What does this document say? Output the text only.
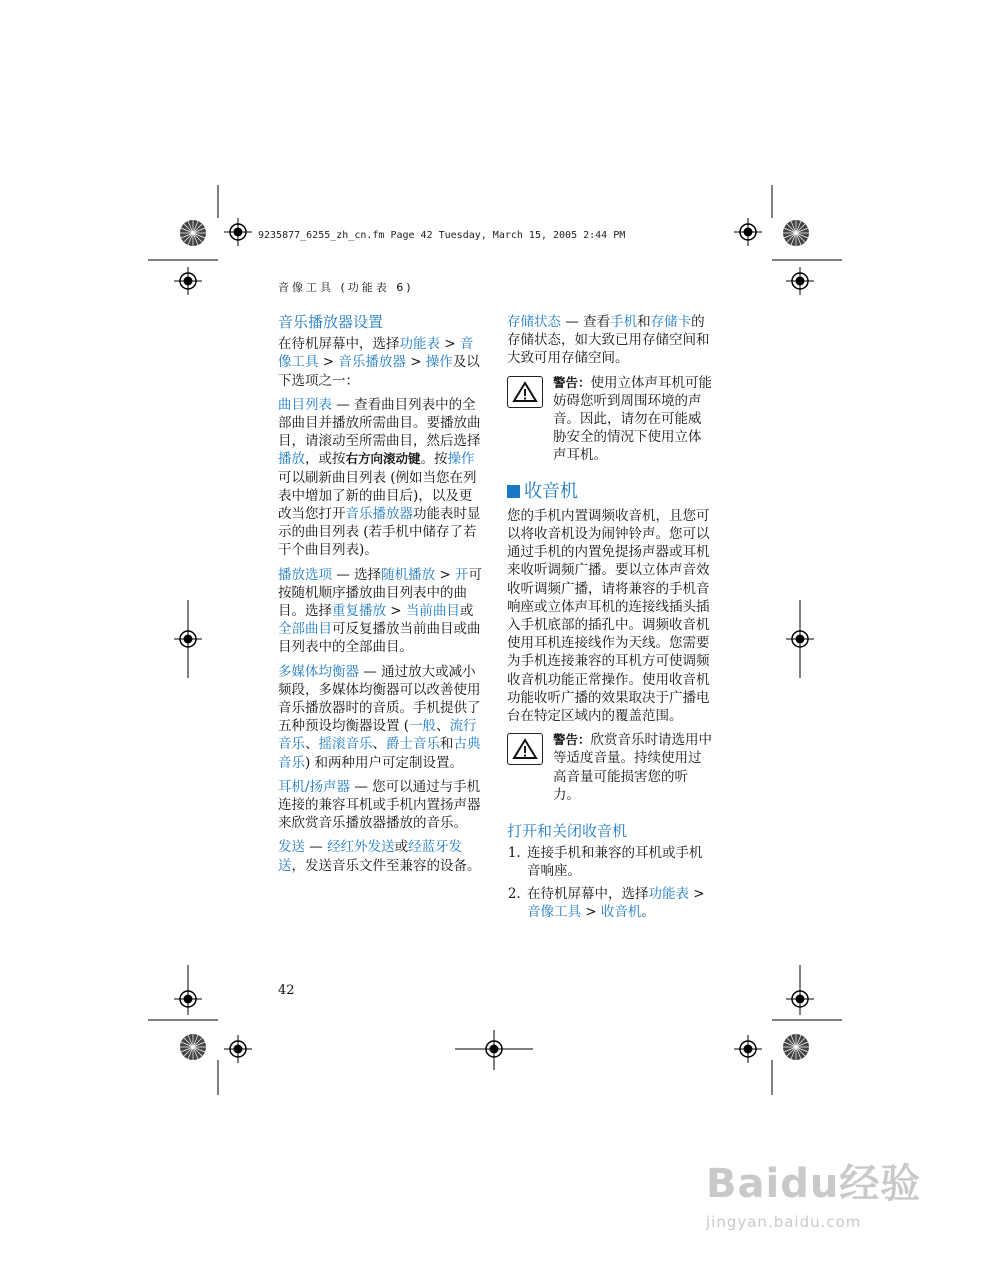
9235877_6255_zh_cn.fm Page 42 Tuesday, March 15, 2005 2:44 PM
音像工具 (功能表 6)
音乐播放器设置

在待机屏幕中，选择功能表 > 音像工具 > 音乐播放器 > 操作及以下选项之一：

曲目列表 — 查看曲目列表中的全部曲目并播放所需曲目。要播放曲目，请滚动至所需曲目，然后选择播放，或按右方向滚动键。按操作可以刷新曲目列表 (例如当您在列表中增加了新的曲目后)，以及更改当您打开音乐播放器功能表时显示的曲目列表 (若手机中储存了若干个曲目列表)。

播放选项 — 选择随机播放 > 开可按随机顺序播放曲目列表中的曲目。选择重复播放 > 当前曲目或全部曲目可反复播放当前曲目或曲目列表中的全部曲目。

多媒体均衡器 — 通过放大或减小频段，多媒体均衡器可以改善使用音乐播放器时的音质。手机提供了五种预设均衡器设置 (一般、流行音乐、摇滚音乐、爵士音乐和古典音乐) 和两种用户可定制设置。

耳机/扬声器 — 您可以通过与手机连接的兼容耳机或手机内置扬声器来欣赏音乐播放器播放的音乐。

发送 — 经红外发送或经蓝牙发送，发送音乐文件至兼容的设备。

存储状态 — 查看手机和存储卡的存储状态，如大致已用存储空间和大致可用存储空间。

警告：使用立体声耳机可能妨碍您听到周围环境的声音。因此，请勿在可能威胁安全的情况下使用立体声耳机。
收音机

您的手机内置调频收音机，且您可以将收音机设为闹钟铃声。您可以通过手机的内置免提扬声器或耳机来收听调频广播。要以立体声音效收听调频广播，请将兼容的手机音响座或立体声耳机的连接线插头插入手机底部的插孔中。调频收音机使用耳机连接线作为天线。您需要为手机连接兼容的耳机方可使调频收音机功能正常操作。使用收音机功能收听广播的效果取决于广播电台在特定区域内的覆盖范围。

警告：欣赏音乐时请选用中等适度音量。持续使用过高音量可能损害您的听力。
打开和关闭收音机
1. 连接手机和兼容的耳机或手机音响座。
2. 在待机屏幕中，选择功能表 > 音像工具 > 收音机。
42
Baidu经验
jingyan.baidu.com
